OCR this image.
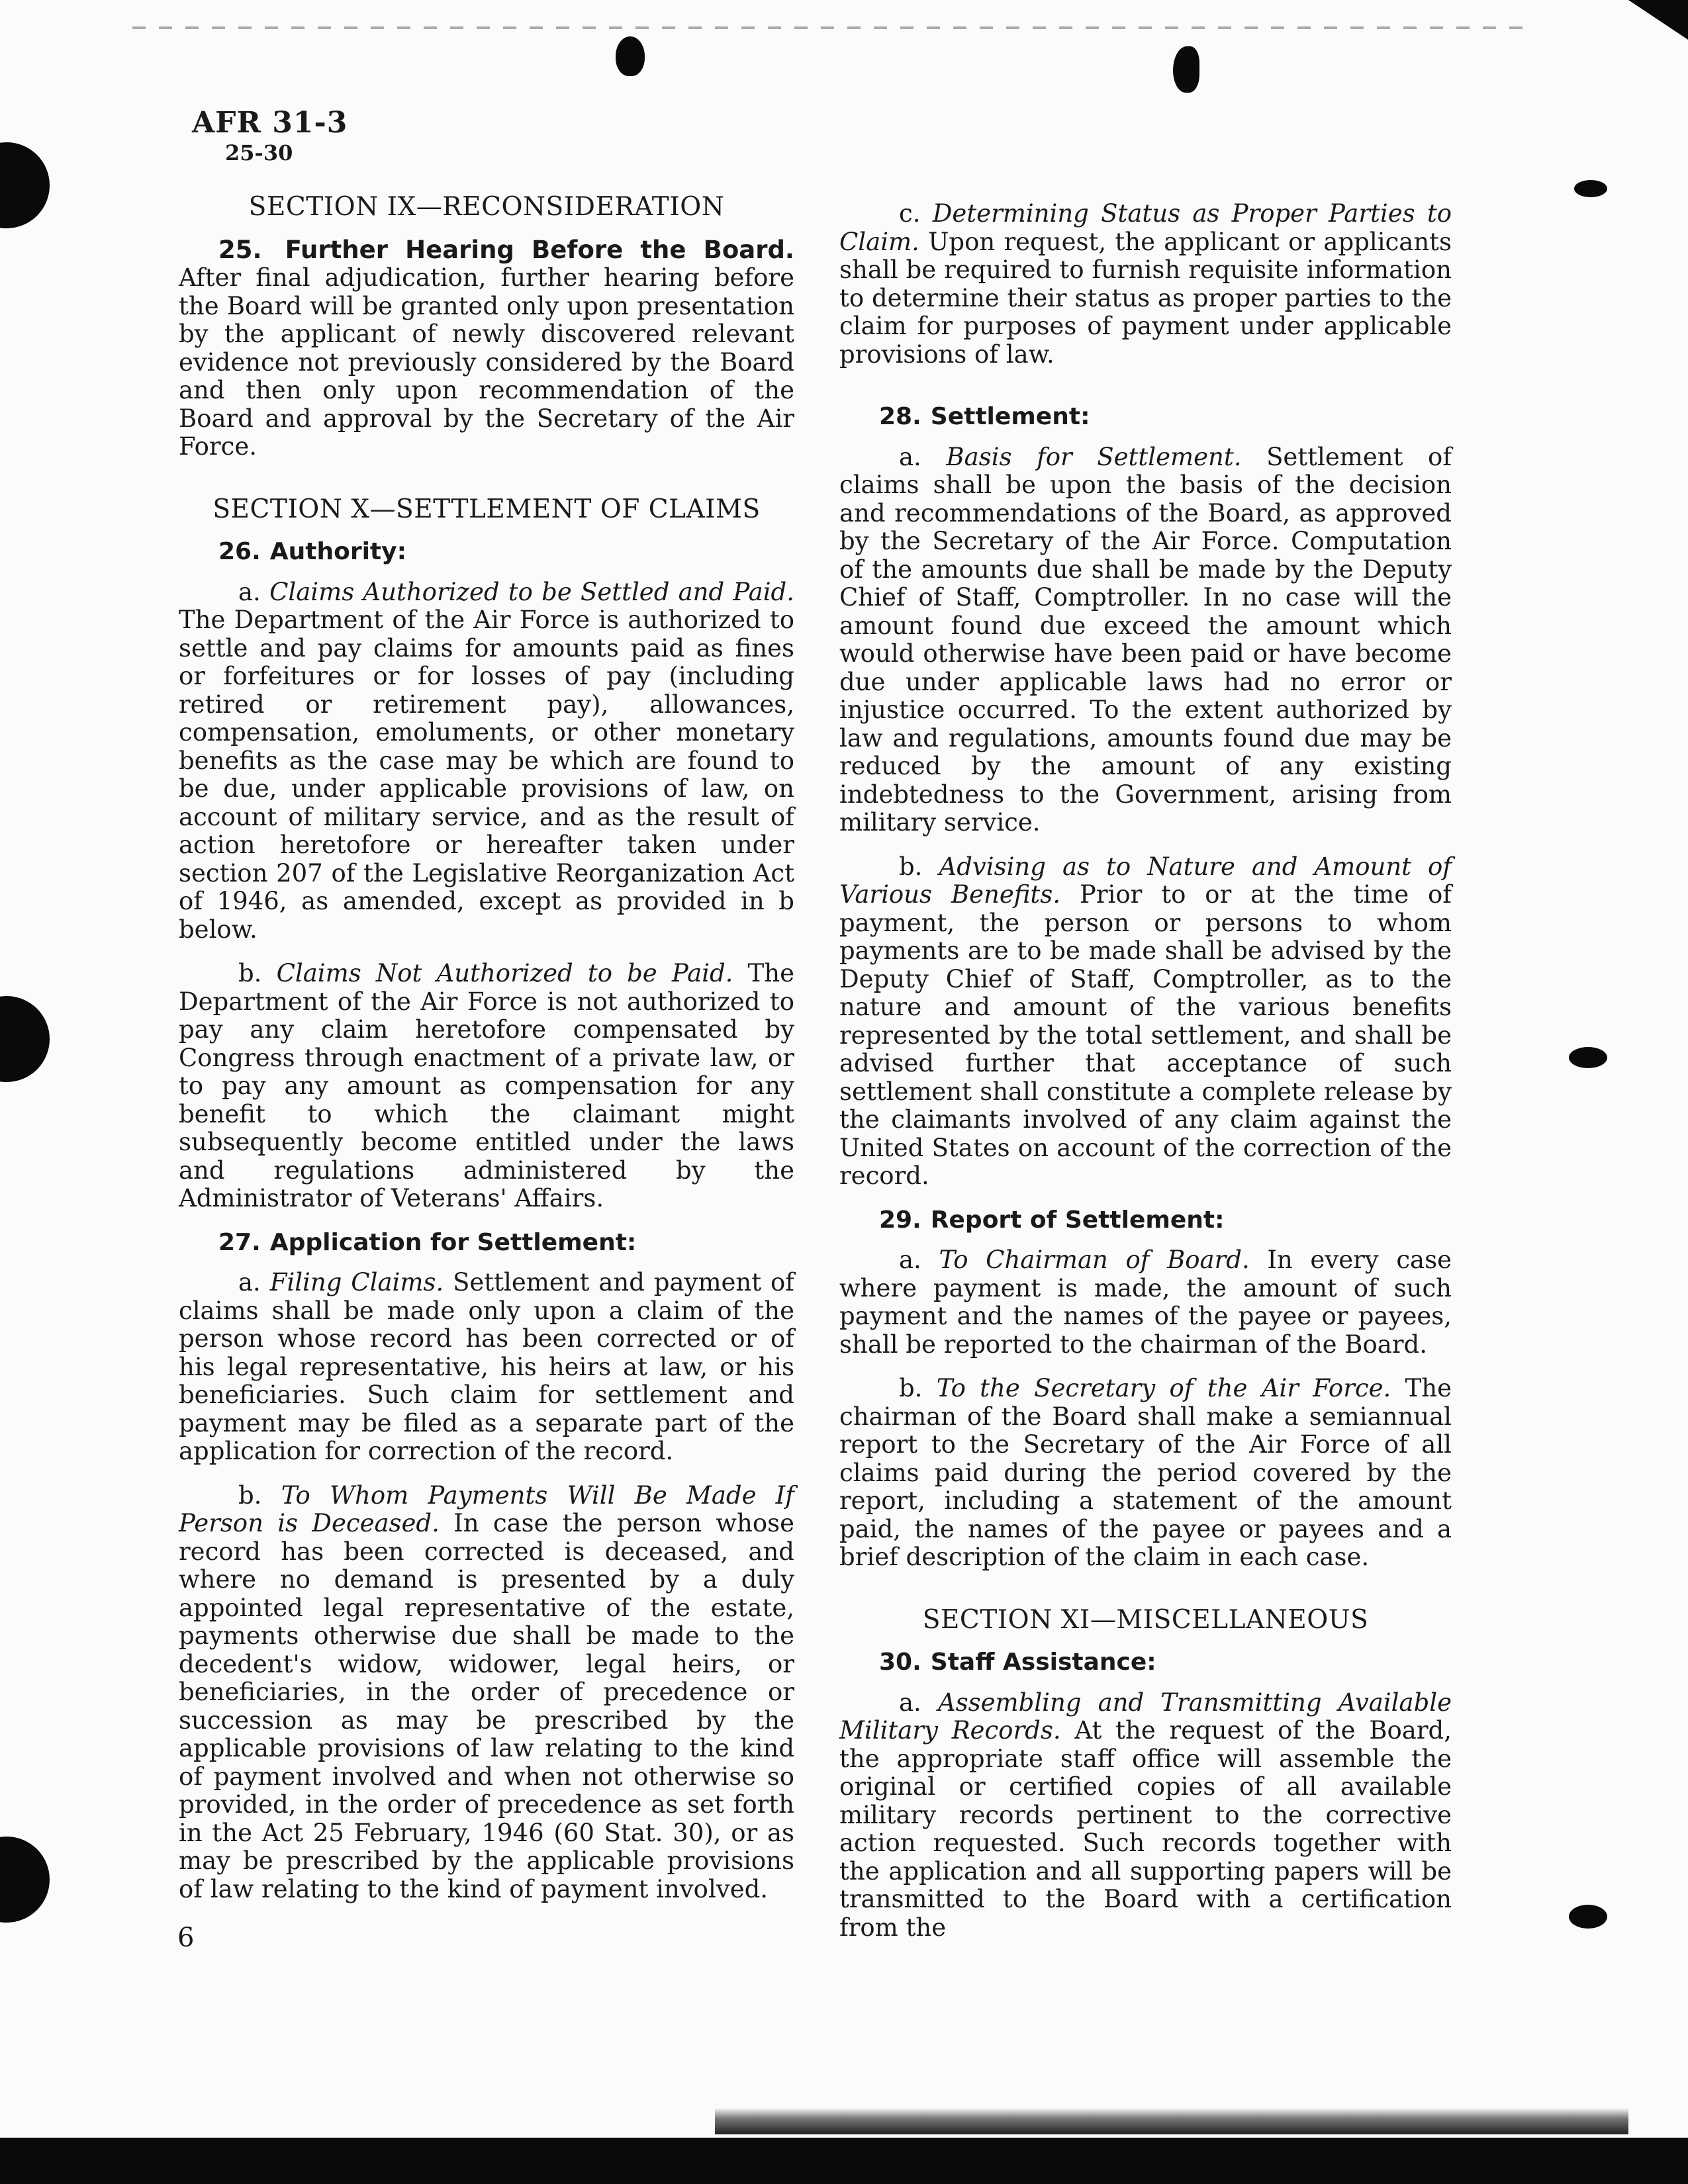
AFR 31-3
25-30
SECTION IX—RECONSIDERATION

25. Further Hearing Before the Board. After final adjudication, further hearing before the Board will be granted only upon presentation by the applicant of newly discovered relevant evidence not previously considered by the Board and then only upon recommendation of the Board and approval by the Secretary of the Air Force.

SECTION X—SETTLEMENT OF CLAIMS
26. Authority:

a. Claims Authorized to be Settled and Paid. The Department of the Air Force is authorized to settle and pay claims for amounts paid as fines or forfeitures or for losses of pay (including retired or retirement pay), allowances, compensation, emoluments, or other monetary benefits as the case may be which are found to be due, under applicable provisions of law, on account of military service, and as the result of action heretofore or hereafter taken under section 207 of the Legislative Reorganization Act of 1946, as amended, except as provided in b below.

b. Claims Not Authorized to be Paid. The Department of the Air Force is not authorized to pay any claim heretofore compensated by Congress through enactment of a private law, or to pay any amount as compensation for any benefit to which the claimant might subsequently become entitled under the laws and regulations administered by the Administrator of Veterans' Affairs.

27. Application for Settlement:

a. Filing Claims. Settlement and payment of claims shall be made only upon a claim of the person whose record has been corrected or of his legal representative, his heirs at law, or his beneficiaries. Such claim for settlement and payment may be filed as a separate part of the application for correction of the record.

b. To Whom Payments Will Be Made If Person is Deceased. In case the person whose record has been corrected is deceased, and where no demand is presented by a duly appointed legal representative of the estate, payments otherwise due shall be made to the decedent's widow, widower, legal heirs, or beneficiaries, in the order of precedence or succession as may be prescribed by the applicable provisions of law relating to the kind of payment involved and when not otherwise so provided, in the order of precedence as set forth in the Act 25 February, 1946 (60 Stat. 30), or as may be prescribed by the applicable provisions of law relating to the kind of payment involved.

c. Determining Status as Proper Parties to Claim. Upon request, the applicant or applicants shall be required to furnish requisite information to determine their status as proper parties to the claim for purposes of payment under applicable provisions of law.

28. Settlement:

a. Basis for Settlement. Settlement of claims shall be upon the basis of the decision and recommendations of the Board, as approved by the Secretary of the Air Force. Computation of the amounts due shall be made by the Deputy Chief of Staff, Comptroller. In no case will the amount found due exceed the amount which would otherwise have been paid or have become due under applicable laws had no error or injustice occurred. To the extent authorized by law and regulations, amounts found due may be reduced by the amount of any existing indebtedness to the Government, arising from military service.

b. Advising as to Nature and Amount of Various Benefits. Prior to or at the time of payment, the person or persons to whom payments are to be made shall be advised by the Deputy Chief of Staff, Comptroller, as to the nature and amount of the various benefits represented by the total settlement, and shall be advised further that acceptance of such settlement shall constitute a complete release by the claimants involved of any claim against the United States on account of the correction of the record.

29. Report of Settlement:

a. To Chairman of Board. In every case where payment is made, the amount of such payment and the names of the payee or payees, shall be reported to the chairman of the Board.

b. To the Secretary of the Air Force. The chairman of the Board shall make a semiannual report to the Secretary of the Air Force of all claims paid during the period covered by the report, including a statement of the amount paid, the names of the payee or payees and a brief description of the claim in each case.

SECTION XI—MISCELLANEOUS
30. Staff Assistance:

a. Assembling and Transmitting Available Military Records. At the request of the Board, the appropriate staff office will assemble the original or certified copies of all available military records pertinent to the corrective action requested. Such records together with the application and all supporting papers will be transmitted to the Board with a certification from the

6
